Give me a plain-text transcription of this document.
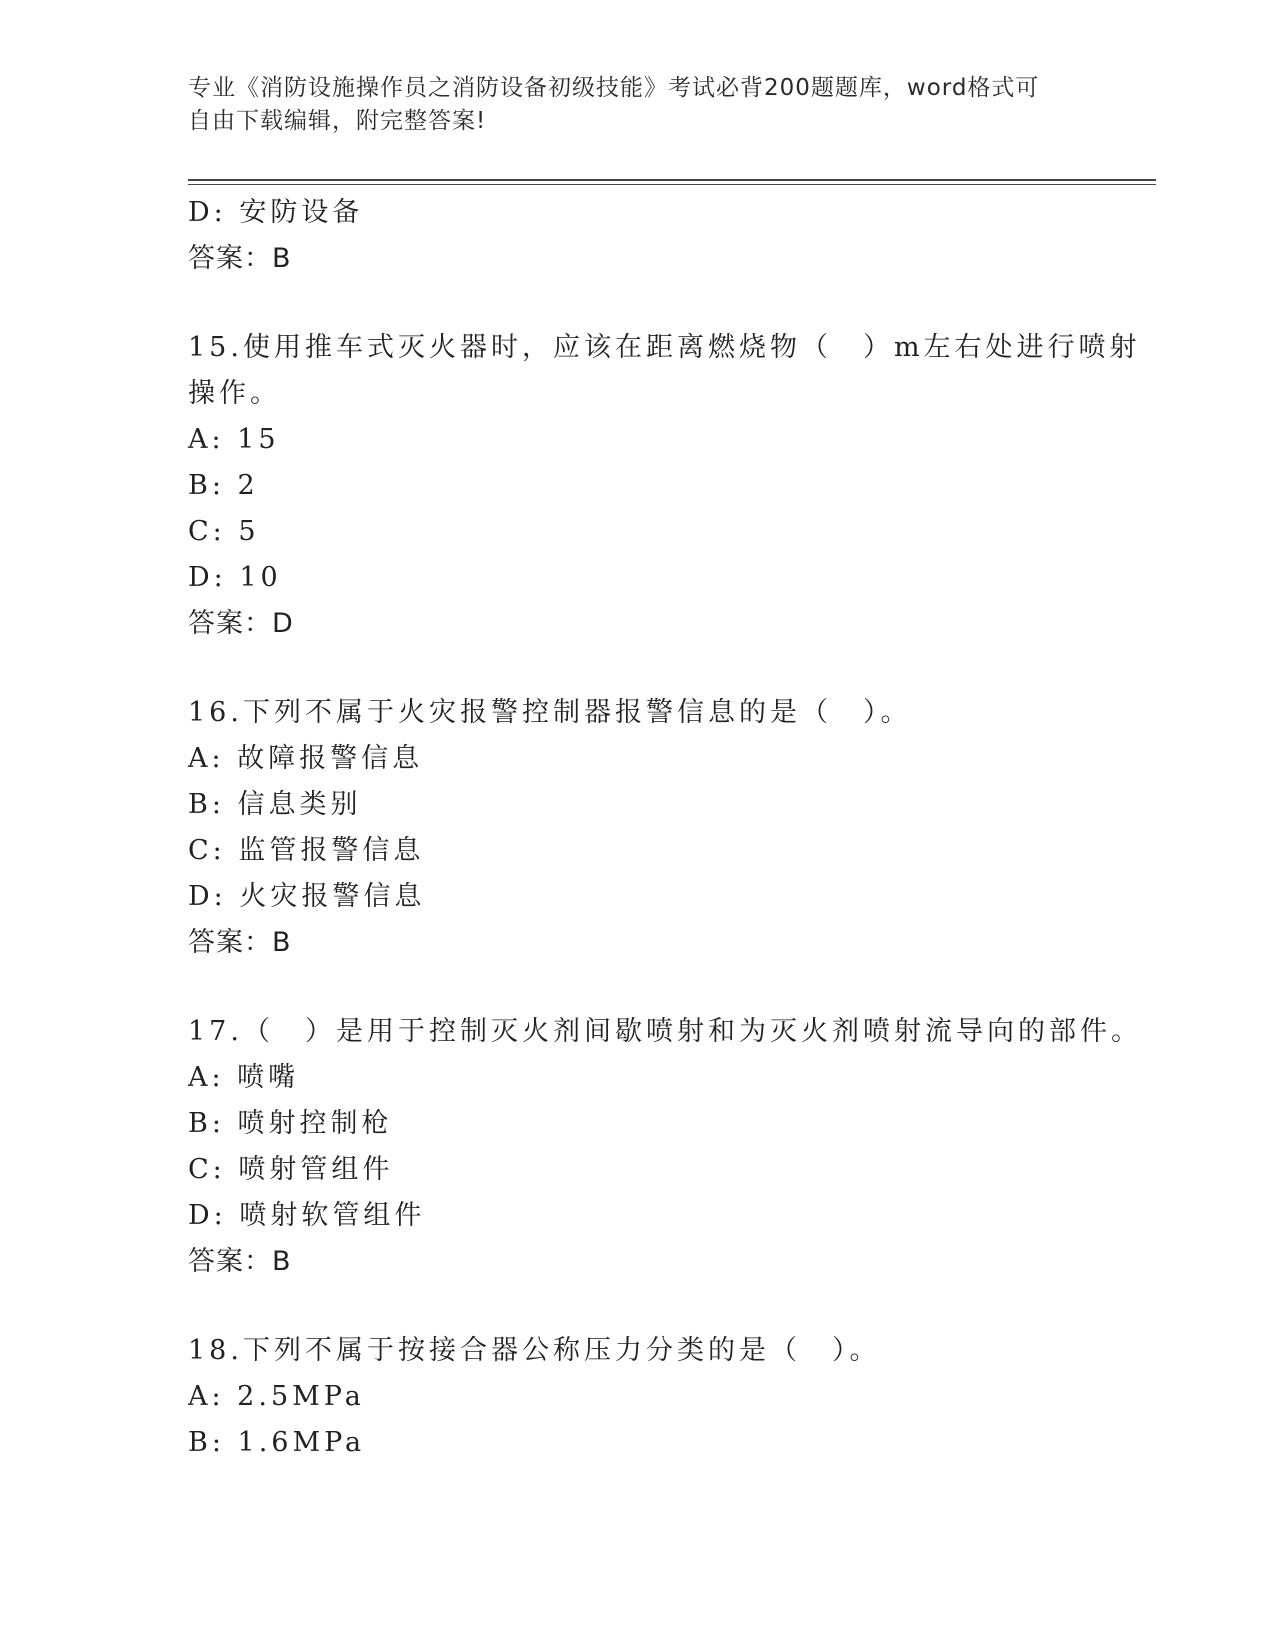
专业《消防设施操作员之消防设备初级技能》考试必背200题题库，word格式可
自由下载编辑，附完整答案!
D: 安防设备
答案：B
15.使用推车式灭火器时，应该在距离燃烧物（　）m左右处进行喷射
操作。
A: 15
B: 2
C: 5
D: 10
答案：D
16.下列不属于火灾报警控制器报警信息的是（　）。
A: 故障报警信息
B: 信息类别
C: 监管报警信息
D: 火灾报警信息
答案：B
17.（　）是用于控制灭火剂间歇喷射和为灭火剂喷射流导向的部件。
A: 喷嘴
B: 喷射控制枪
C: 喷射管组件
D: 喷射软管组件
答案：B
18.下列不属于按接合器公称压力分类的是（　）。
A: 2.5MPa
B: 1.6MPa
